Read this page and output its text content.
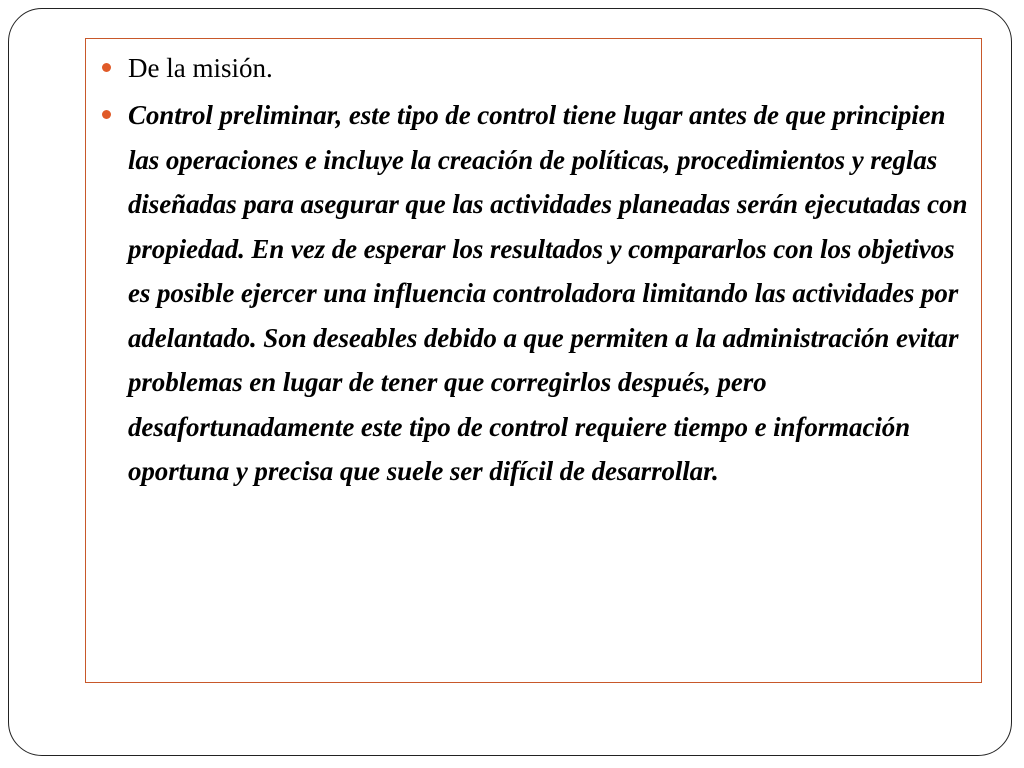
De la misión.
Control preliminar, este tipo de control tiene lugar antes de que principien las operaciones e incluye la creación de políticas, procedimientos y reglas diseñadas para asegurar que las actividades planeadas serán ejecutadas con propiedad. En vez de esperar los resultados y compararlos con los objetivos es posible ejercer una influencia controladora limitando las actividades por adelantado. Son deseables debido a que permiten a la administración evitar problemas en lugar de tener que corregirlos después, pero desafortunadamente este tipo de control requiere tiempo e información oportuna y precisa que suele ser difícil de desarrollar.
